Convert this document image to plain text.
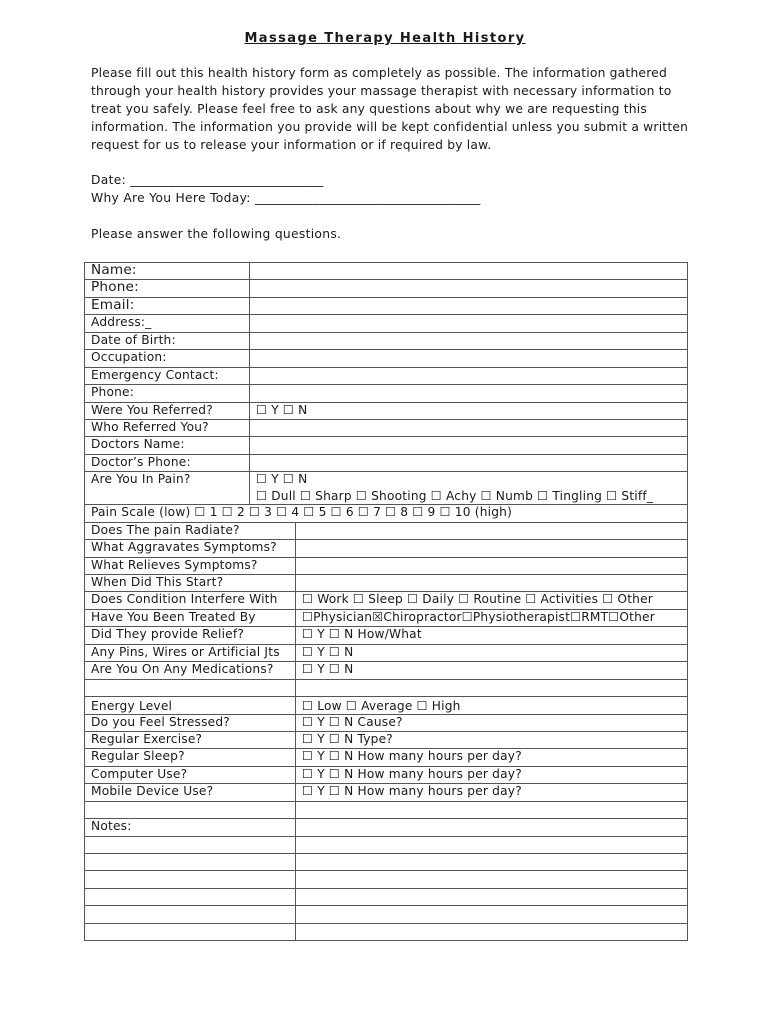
Massage Therapy Health History

Please fill out this health history form as completely as possible. The information gathered through your health history provides your massage therapist with necessary information to treat you safely. Please feel free to ask any questions about why we are requesting this information. The information you provide will be kept confidential unless you submit a written request for us to release your information or if required by law.

Date: ______________________________
Why Are You Here Today: ___________________________________
Please answer the following questions.
Name:		
Phone:		
Email:		
Address:_		
Date of Birth:		
Occupation:		
Emergency Contact:		
Phone:		
Were You Referred?	☐ Y ☐ N	
Who Referred You?		
Doctors Name:		
Doctor’s Phone:		
Are You In Pain?	☐ Y ☐ N
☐ Dull ☐ Sharp ☐ Shooting ☐ Achy ☐ Numb ☐ Tingling ☐ Stiff_	

Pain Scale (low) ☐ 1 ☐ 2 ☐ 3 ☐ 4 ☐ 5 ☐ 6 ☐ 7 ☐ 8 ☐ 9 ☐ 10 (high)		
Does The pain Radiate?		
What Aggravates Symptoms?		
What Relieves Symptoms?		
When Did This Start?		
Does Condition Interfere With		☐ Work ☐ Sleep ☐ Daily ☐ Routine ☐ Activities ☐ Other
Have You Been Treated By		☐Physician☒Chiropractor☐Physiotherapist☐RMT☐Other
Did They provide Relief?		☐ Y ☐ N How/What
Any Pins, Wires or Artificial Jts		☐ Y ☐ N
Are You On Any Medications?		☐ Y ☐ N

Energy Level		☐ Low ☐ Average ☐ High

Do you Feel Stressed?		☐ Y ☐ N Cause?
Regular Exercise?		☐ Y ☐ N Type?
Regular Sleep?		☐ Y ☐ N How many hours per day?
Computer Use?		☐ Y ☐ N How many hours per day?
Mobile Device Use?		☐ Y ☐ N How many hours per day?

Notes:		
